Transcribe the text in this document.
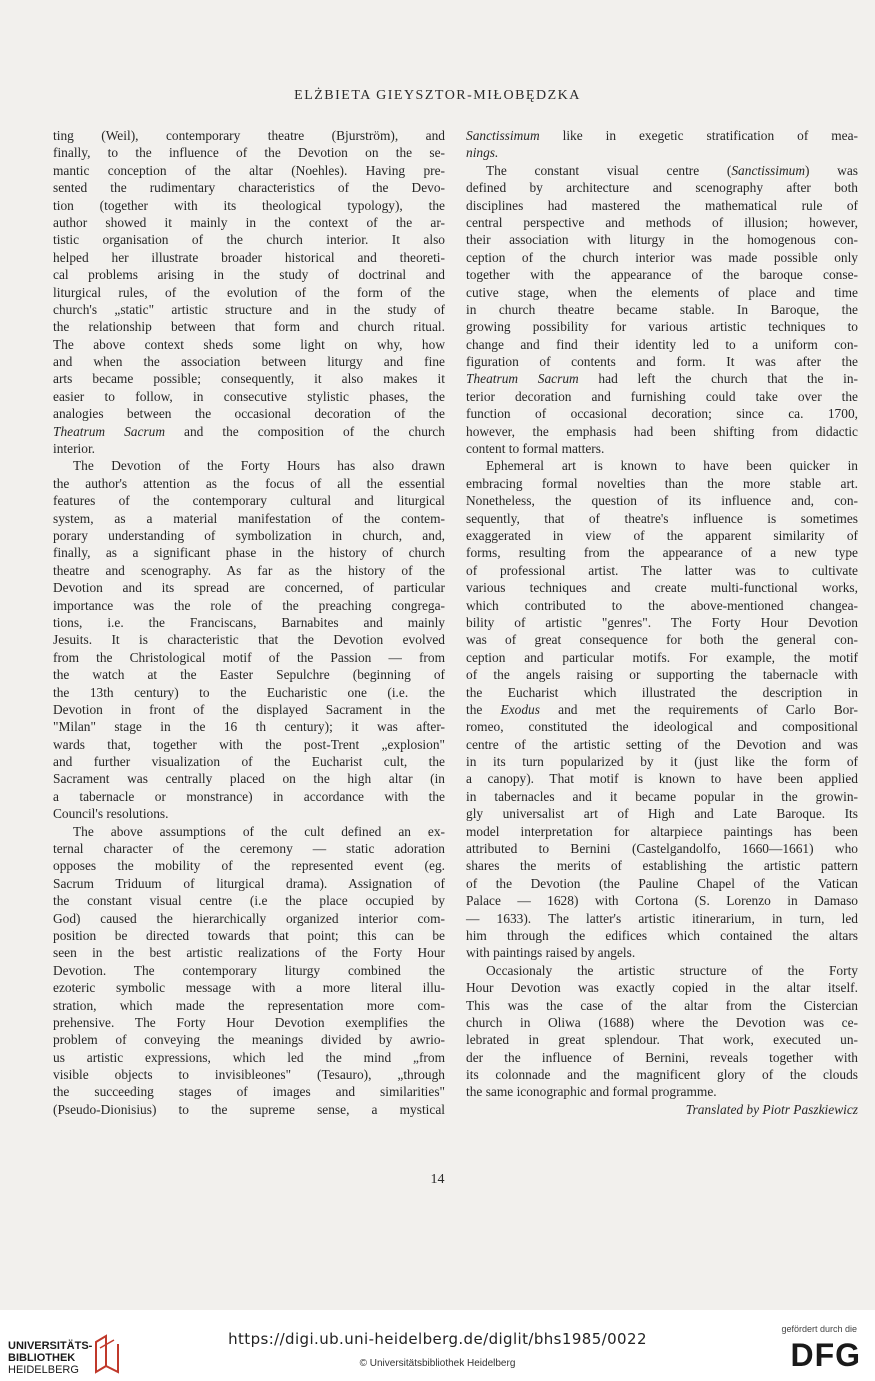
ELŻBIETA GIEYSZTOR-MIŁOBĘDZKA
ting (Weil), contemporary theatre (Bjurström), and
finally, to the influence of the Devotion on the se-
mantic conception of the altar (Noehles). Having pre-
sented the rudimentary characteristics of the Devo-
tion (together with its theological typology), the
author showed it mainly in the context of the ar-
tistic organisation of the church interior. It also
helped her illustrate broader historical and theoreti-
cal problems arising in the study of doctrinal and
liturgical rules, of the evolution of the form of the
church's „static" artistic structure and in the study of
the relationship between that form and church ritual.
The above context sheds some light on why, how
and when the association between liturgy and fine
arts became possible; consequently, it also makes it
easier to follow, in consecutive stylistic phases, the
analogies between the occasional decoration of the
Theatrum Sacrum and the composition of the church
interior.
The Devotion of the Forty Hours has also drawn
the author's attention as the focus of all the essential
features of the contemporary cultural and liturgical
system, as a material manifestation of the contem-
porary understanding of symbolization in church, and,
finally, as a significant phase in the history of church
theatre and scenography. As far as the history of the
Devotion and its spread are concerned, of particular
importance was the role of the preaching congrega-
tions, i.e. the Franciscans, Barnabites and mainly
Jesuits. It is characteristic that the Devotion evolved
from the Christological motif of the Passion — from
the watch at the Easter Sepulchre (beginning of
the 13th century) to the Eucharistic one (i.e. the
Devotion in front of the displayed Sacrament in the
"Milan" stage in the 16 th century); it was after-
wards that, together with the post-Trent „explosion"
and further visualization of the Eucharist cult, the
Sacrament was centrally placed on the high altar (in
a tabernacle or monstrance) in accordance with the
Council's resolutions.
The above assumptions of the cult defined an ex-
ternal character of the ceremony — static adoration
opposes the mobility of the represented event (eg.
Sacrum Triduum of liturgical drama). Assignation of
the constant visual centre (i.e the place occupied by
God) caused the hierarchically organized interior com-
position be directed towards that point; this can be
seen in the best artistic realizations of the Forty Hour
Devotion. The contemporary liturgy combined the
ezoteric symbolic message with a more literal illu-
stration, which made the representation more com-
prehensive. The Forty Hour Devotion exemplifies the
problem of conveying the meanings divided by awrio-
us artistic expressions, which led the mind „from
visible objects to invisibleones" (Tesauro), „through
the succeeding stages of images and similarities"
(Pseudo-Dionisius) to the supreme sense, a mystical
Sanctissimum like in exegetic stratification of mea-
nings.
The constant visual centre (Sanctissimum) was
defined by architecture and scenography after both
disciplines had mastered the mathematical rule of
central perspective and methods of illusion; however,
their association with liturgy in the homogenous con-
ception of the church interior was made possible only
together with the appearance of the baroque conse-
cutive stage, when the elements of place and time
in church theatre became stable. In Baroque, the
growing possibility for various artistic techniques to
change and find their identity led to a uniform con-
figuration of contents and form. It was after the
Theatrum Sacrum had left the church that the in-
terior decoration and furnishing could take over the
function of occasional decoration; since ca. 1700,
however, the emphasis had been shifting from didactic
content to formal matters.
Ephemeral art is known to have been quicker in
embracing formal novelties than the more stable art.
Nonetheless, the question of its influence and, con-
sequently, that of theatre's influence is sometimes
exaggerated in view of the apparent similarity of
forms, resulting from the appearance of a new type
of professional artist. The latter was to cultivate
various techniques and create multi-functional works,
which contributed to the above-mentioned changea-
bility of artistic "genres". The Forty Hour Devotion
was of great consequence for both the general con-
ception and particular motifs. For example, the motif
of the angels raising or supporting the tabernacle with
the Eucharist which illustrated the description in
the Exodus and met the requirements of Carlo Bor-
romeo, constituted the ideological and compositional
centre of the artistic setting of the Devotion and was
in its turn popularized by it (just like the form of
a canopy). That motif is known to have been applied
in tabernacles and it became popular in the growin-
gly universalist art of High and Late Baroque. Its
model interpretation for altarpiece paintings has been
attributed to Bernini (Castelgandolfo, 1660—1661) who
shares the merits of establishing the artistic pattern
of the Devotion (the Pauline Chapel of the Vatican
Palace — 1628) with Cortona (S. Lorenzo in Damaso
— 1633). The latter's artistic itinerarium, in turn, led
him through the edifices which contained the altars
with paintings raised by angels.
Occasionaly the artistic structure of the Forty
Hour Devotion was exactly copied in the altar itself.
This was the case of the altar from the Cistercian
church in Oliwa (1688) where the Devotion was ce-
lebrated in great splendour. That work, executed un-
der the influence of Bernini, reveals together with
its colonnade and the magnificent glory of the clouds
the same iconographic and formal programme.
Translated by Piotr Paszkiewicz
14
UNIVERSITÄTS-
BIBLIOTHEK
HEIDELBERG
https://digi.ub.uni-heidelberg.de/diglit/bhs1985/0022
© Universitätsbibliothek Heidelberg
gefördert durch die
DFG
